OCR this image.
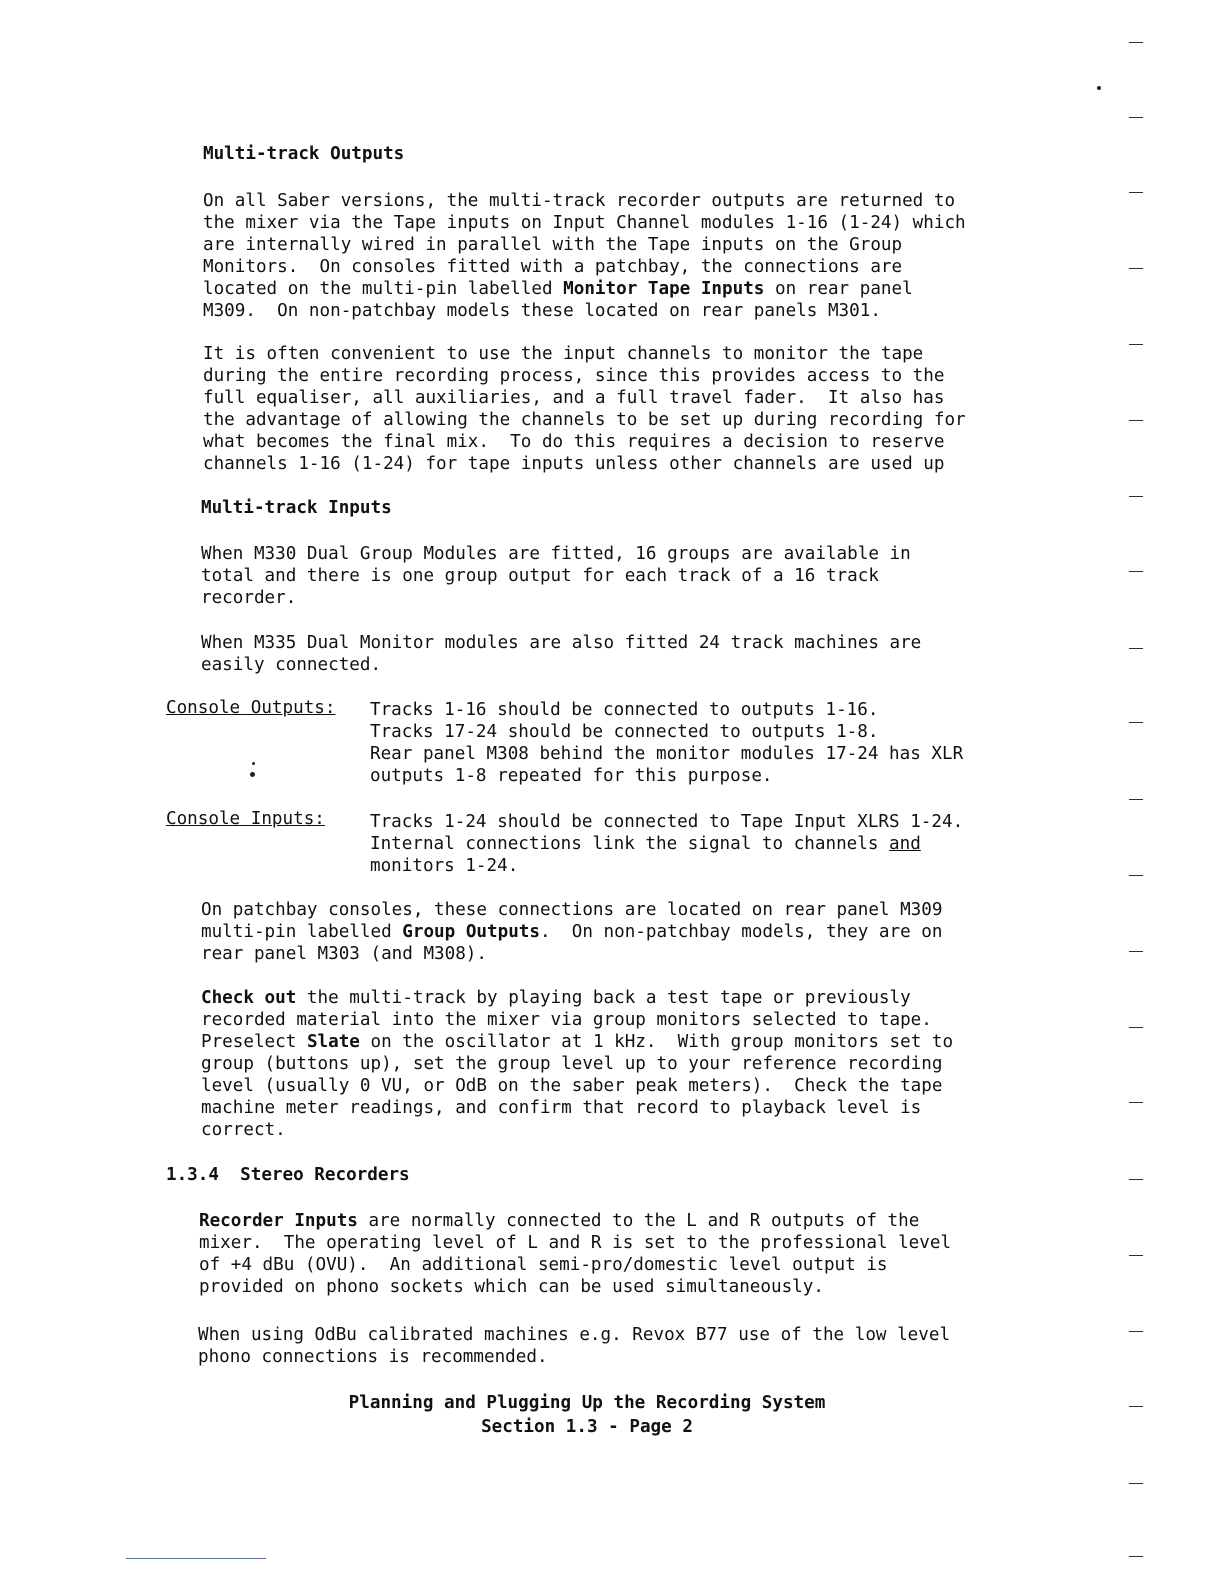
Multi-track Outputs
On all Saber versions, the multi-track recorder outputs are returned to
the mixer via the Tape inputs on Input Channel modules 1-16 (1-24) which
are internally wired in parallel with the Tape inputs on the Group
Monitors.  On consoles fitted with a patchbay, the connections are
located on the multi-pin labelled Monitor Tape Inputs on rear panel
M309.  On non-patchbay models these located on rear panels M301.
It is often convenient to use the input channels to monitor the tape
during the entire recording process, since this provides access to the
full equaliser, all auxiliaries, and a full travel fader.  It also has
the advantage of allowing the channels to be set up during recording for
what becomes the final mix.  To do this requires a decision to reserve
channels 1-16 (1-24) for tape inputs unless other channels are used up
Multi-track Inputs
When M330 Dual Group Modules are fitted, 16 groups are available in
total and there is one group output for each track of a 16 track
recorder.
When M335 Dual Monitor modules are also fitted 24 track machines are
easily connected.
Console Outputs: Tracks 1-16 should be connected to outputs 1-16.
Tracks 17-24 should be connected to outputs 1-8.
Rear panel M308 behind the monitor modules 17-24 has XLR
outputs 1-8 repeated for this purpose.
Console Inputs:	Tracks 1-24 should be connected to Tape Input XLRS 1-24.
Internal connections link the signal to channels and
monitors 1-24.
On patchbay consoles, these connections are located on rear panel M309
multi-pin labelled Group Outputs.  On non-patchbay models, they are on
rear panel M303 (and M308).
Check out the multi-track by playing back a test tape or previously
recorded material into the mixer via group monitors selected to tape.
Preselect Slate on the oscillator at 1 kHz.  With group monitors set to
group (buttons up), set the group level up to your reference recording
level (usually 0 VU, or OdB on the saber peak meters).  Check the tape
machine meter readings, and confirm that record to playback level is
correct.
1.3.4 Stereo Recorders
Recorder Inputs are normally connected to the L and R outputs of the
mixer.  The operating level of L and R is set to the professional level
of +4 dBu (OVU).  An additional semi-pro/domestic level output is
provided on phono sockets which can be used simultaneously.
When using OdBu calibrated machines e.g. Revox B77 use of the low level
phono connections is recommended.
Planning and Plugging Up the Recording System
Section 1.3 - Page 2
